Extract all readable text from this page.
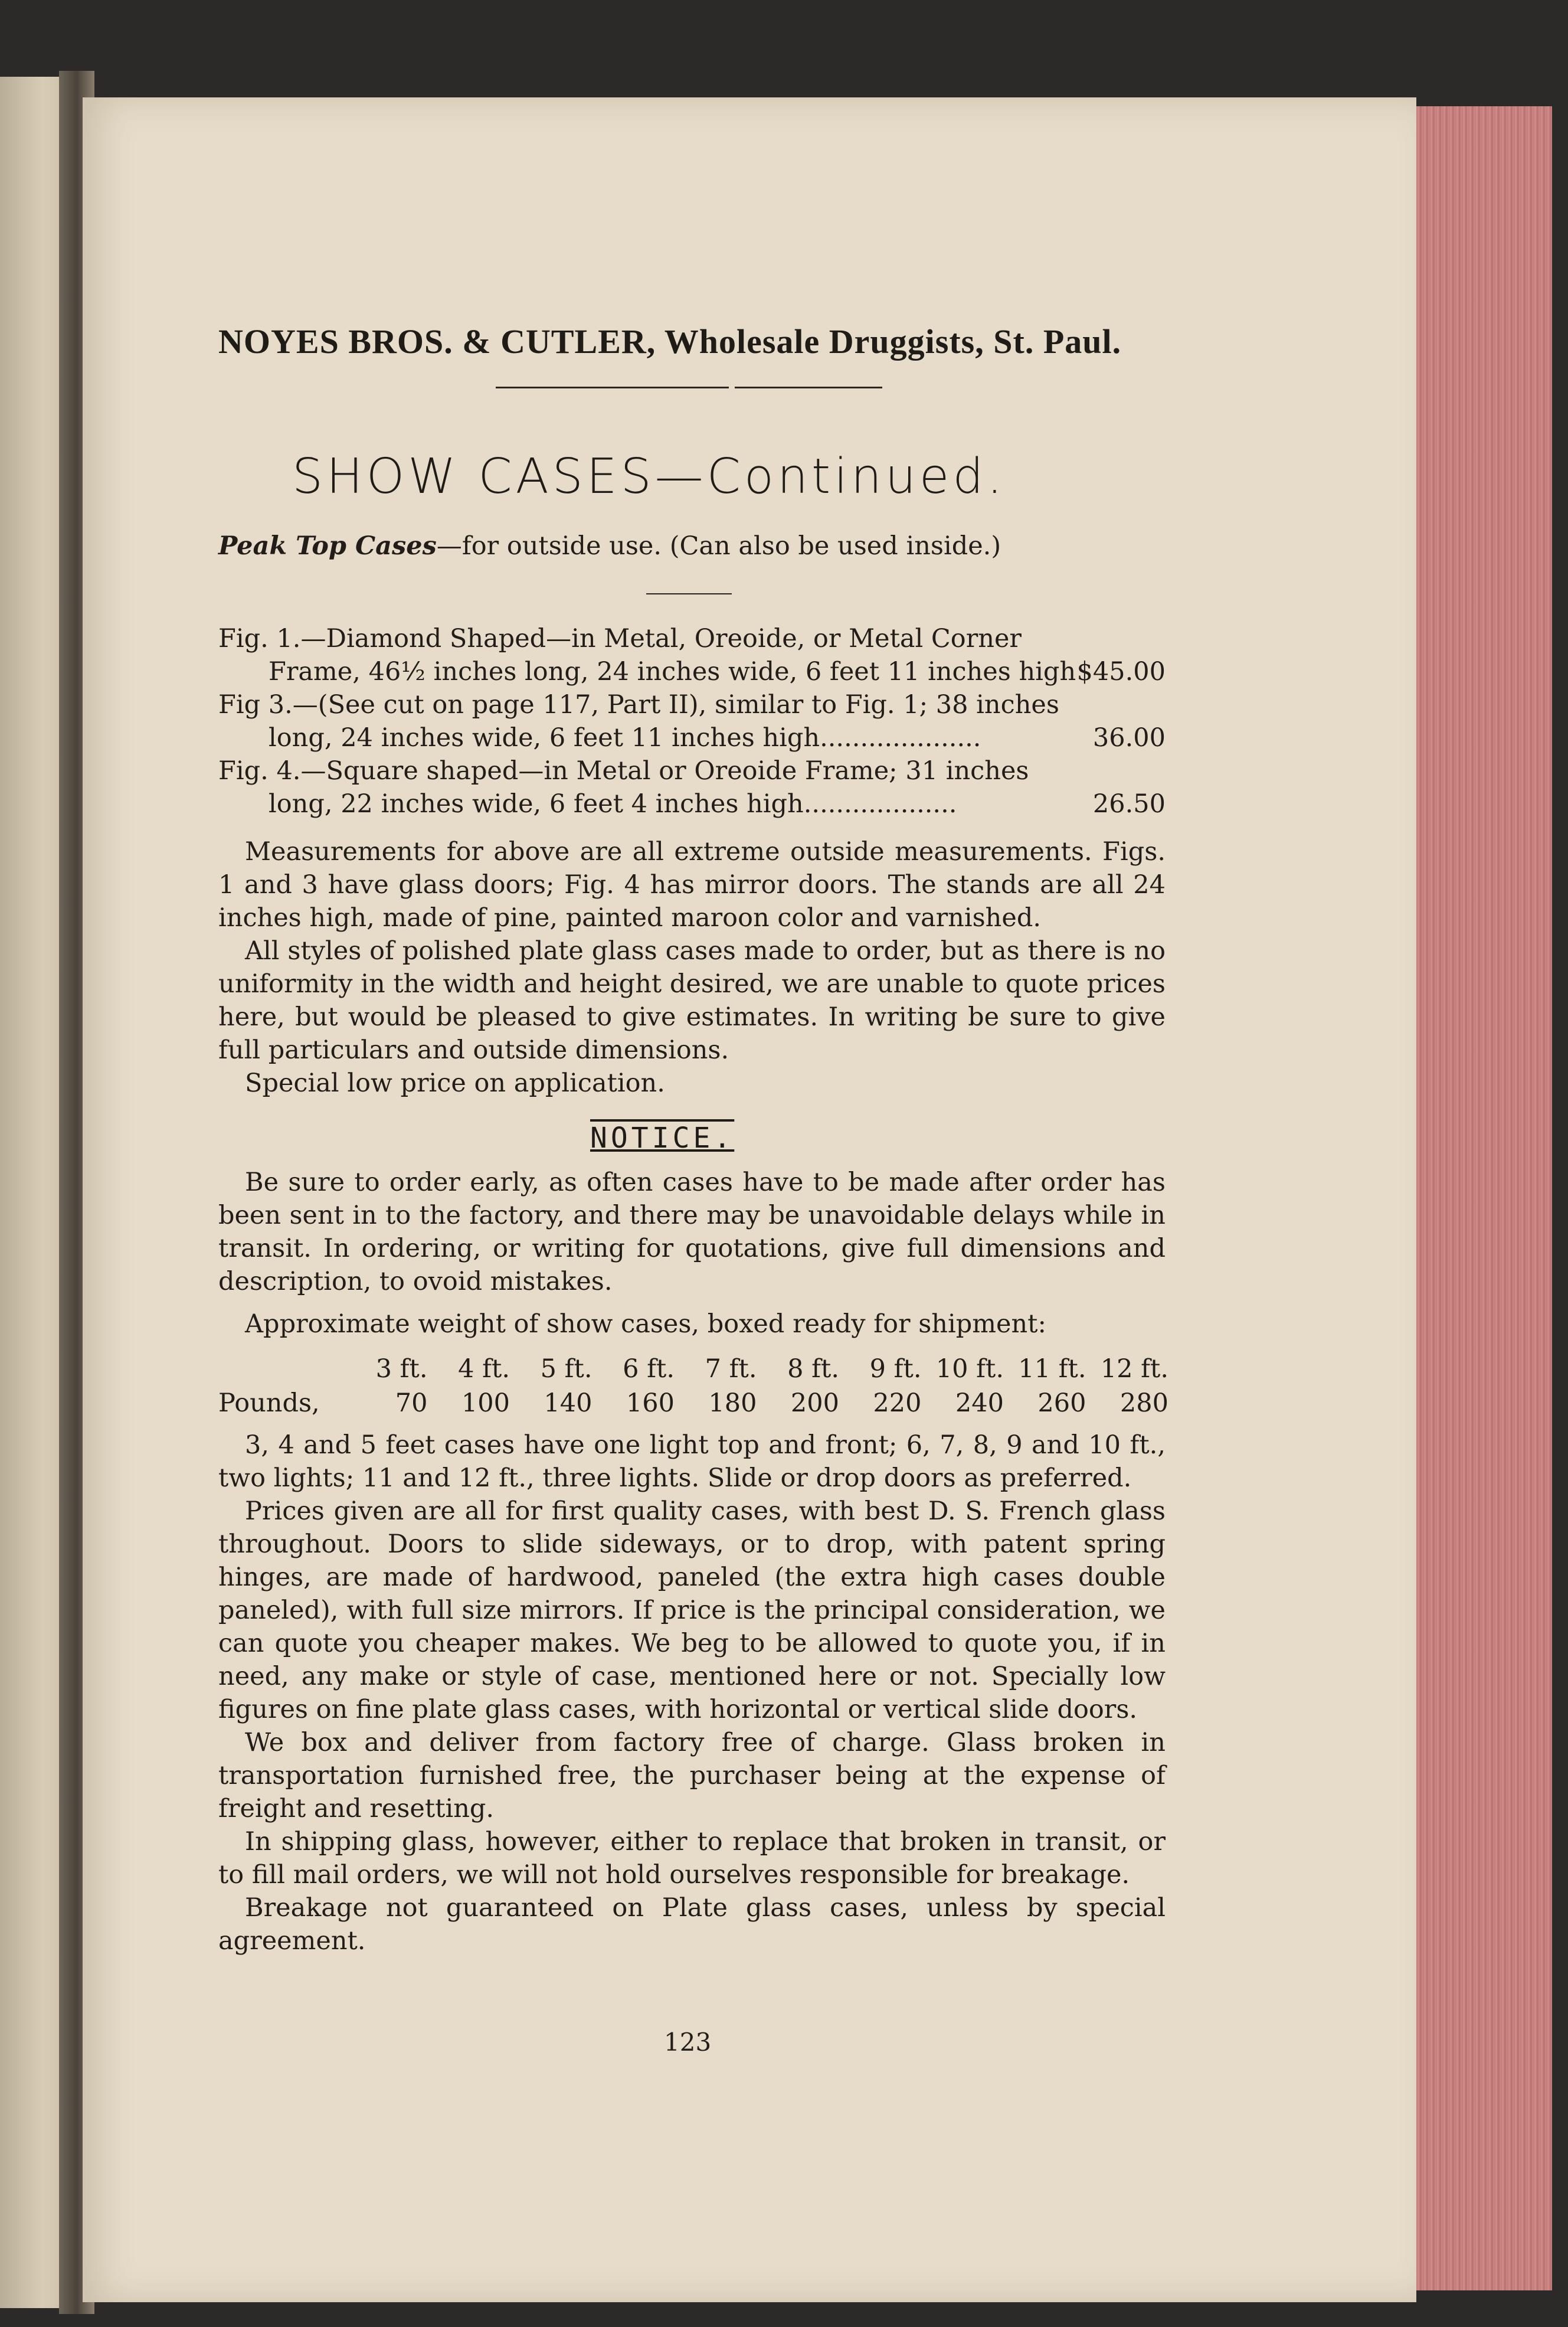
NOYES BROS. & CUTLER, Wholesale Druggists, St. Paul.
SHOW CASES—Continued.
Peak Top Cases—for outside use. (Can also be used inside.)
Fig. 1.—Diamond Shaped—in Metal, Oreoide, or Metal Corner
Frame, 46½ inches long, 24 inches wide, 6 feet 11 inches high $45.00
Fig 3.—(See cut on page 117, Part II), similar to Fig. 1; 38 inches
long, 24 inches wide, 6 feet 11 inches high....................	36.00
Fig. 4.—Square shaped—in Metal or Oreoide Frame; 31 inches
long, 22 inches wide, 6 feet 4 inches high...................	26.50

Measurements for above are all extreme outside measurements. Figs. 1 and 3 have glass doors; Fig. 4 has mirror doors. The stands are all 24 inches high, made of pine, painted maroon color and varnished.

All styles of polished plate glass cases made to order, but as there is no uniformity in the width and height desired, we are unable to quote prices here, but would be pleased to give estimates. In writing be sure to give full particulars and outside dimensions.

Special low price on application.

NOTICE.

Be sure to order early, as often cases have to be made after order has been sent in to the factory, and there may be unavoidable delays while in transit. In ordering, or writing for quotations, give full dimensions and description, to ovoid mistakes.

Approximate weight of show cases, boxed ready for shipment:
3 ft.	4 ft.	5 ft.	6 ft.	7 ft.	8 ft.	9 ft. 10 ft. 11 ft. 12 ft.
Pounds,	70	100	140	160	180	200	220	240	260	280

3, 4 and 5 feet cases have one light top and front; 6, 7, 8, 9 and 10 ft., two lights; 11 and 12 ft., three lights. Slide or drop doors as preferred.

Prices given are all for first quality cases, with best D. S. French glass throughout. Doors to slide sideways, or to drop, with patent spring hinges, are made of hardwood, paneled (the extra high cases double paneled), with full size mirrors. If price is the principal consideration, we can quote you cheaper makes. We beg to be allowed to quote you, if in need, any make or style of case, mentioned here or not. Specially low figures on fine plate glass cases, with horizontal or vertical slide doors.

We box and deliver from factory free of charge. Glass broken in transportation furnished free, the purchaser being at the expense of freight and resetting.

In shipping glass, however, either to replace that broken in transit, or to fill mail orders, we will not hold ourselves responsible for breakage.

Breakage not guaranteed on Plate glass cases, unless by special agreement.

123
